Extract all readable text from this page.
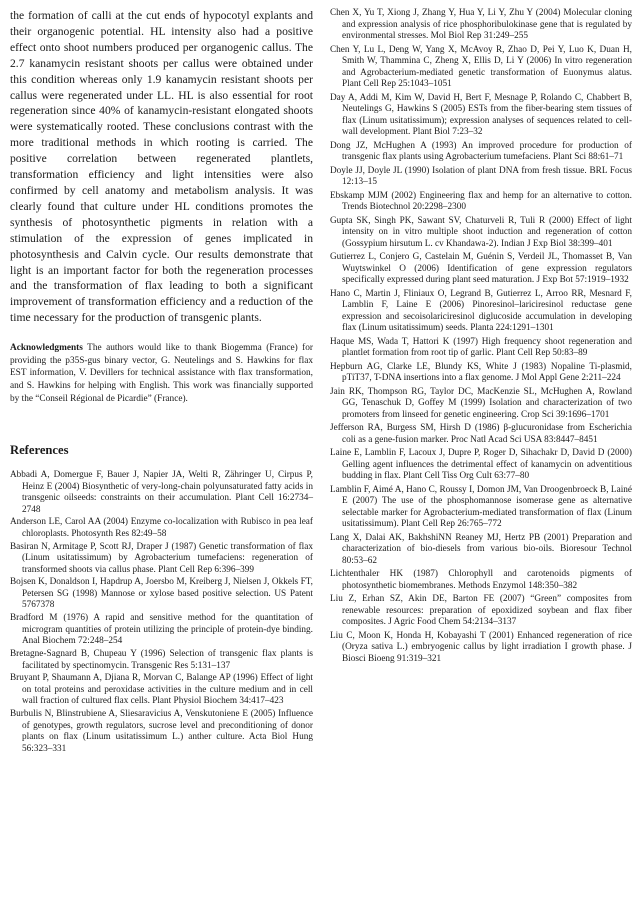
the formation of calli at the cut ends of hypocotyl explants and their organogenic potential. HL intensity also had a positive effect onto shoot numbers produced per organogenic callus. The 2.7 kanamycin resistant shoots per callus were obtained under this condition whereas only 1.9 kanamycin resistant shoots per callus were regenerated under LL. HL is also essential for root regeneration since 40% of kanamycin-resistant elongated shoots were systematically rooted. These conclusions contrast with the more traditional methods in which rooting is carried. The positive correlation between regenerated plantlets, transformation efficiency and light intensities were also confirmed by cell anatomy and metabolism analysis. It was clearly found that culture under HL conditions promotes the synthesis of photosynthetic pigments in relation with a stimulation of the expression of genes implicated in photosynthesis and Calvin cycle. Our results demonstrate that light is an important factor for both the regeneration processes and the transformation of flax leading to both a significant improvement of transformation efficiency and a reduction of the time necessary for the production of transgenic plants.

Acknowledgments The authors would like to thank Biogemma (France) for providing the p35S-gus binary vector, G. Neutelings and S. Hawkins for flax EST information, V. Devillers for technical assistance with flax transformation, and S. Hawkins for helping with English. This work was financially supported by the “Conseil Régional de Picardie” (France).

References
Abbadi A, Domergue F, Bauer J, Napier JA, Welti R, Zähringer U, Cirpus P, Heinz E (2004) Biosynthetic of very-long-chain polyunsaturated fatty acids in transgenic oilseeds: constraints on their accumulation. Plant Cell 16:2734–2748
Anderson LE, Carol AA (2004) Enzyme co-localization with Rubisco in pea leaf chloroplasts. Photosynth Res 82:49–58
Basiran N, Armitage P, Scott RJ, Draper J (1987) Genetic transformation of flax (Linum usitatissimum) by Agrobacterium tumefaciens: regeneration of transformed shoots via callus phase. Plant Cell Rep 6:396–399
Bojsen K, Donaldson I, Hapdrup A, Joersbo M, Kreiberg J, Nielsen J, Okkels FT, Petersen SG (1998) Mannose or xylose based positive selection. US Patent 5767378
Bradford M (1976) A rapid and sensitive method for the quantitation of microgram quantities of protein utilizing the principle of protein-dye binding. Anal Biochem 72:248–254
Bretagne-Sagnard B, Chupeau Y (1996) Selection of transgenic flax plants is facilitated by spectinomycin. Transgenic Res 5:131–137
Bruyant P, Shaumann A, Djiana R, Morvan C, Balange AP (1996) Effect of light on total proteins and peroxidase activities in the culture medium and in cell wall fraction of cultured flax cells. Plant Physiol Biochem 34:417–423
Burbulis N, Blinstrubiene A, Sliesaravicius A, Venskutoniene E (2005) Influence of genotypes, growth regulators, sucrose level and preconditioning of donor plants on flax (Linum usitatissimum L.) anther culture. Acta Biol Hung 56:323–331
Chen X, Yu T, Xiong J, Zhang Y, Hua Y, Li Y, Zhu Y (2004) Molecular cloning and expression analysis of rice phosphoribulokinase gene that is regulated by environmental stresses. Mol Biol Rep 31:249–255
Chen Y, Lu L, Deng W, Yang X, McAvoy R, Zhao D, Pei Y, Luo K, Duan H, Smith W, Thammina C, Zheng X, Ellis D, Li Y (2006) In vitro regeneration and Agrobacterium-mediated genetic transformation of Euonymus alatus. Plant Cell Rep 25:1043–1051
Day A, Addi M, Kim W, David H, Bert F, Mesnage P, Rolando C, Chabbert B, Neutelings G, Hawkins S (2005) ESTs from the fiber-bearing stem tissues of flax (Linum usitatissimum); expression analyses of sequences related to cell-wall development. Plant Biol 7:23–32
Dong JZ, McHughen A (1993) An improved procedure for production of transgenic flax plants using Agrobacterium tumefaciens. Plant Sci 88:61–71
Doyle JJ, Doyle JL (1990) Isolation of plant DNA from fresh tissue. BRL Focus 12:13–15
Ebskamp MJM (2002) Engineering flax and hemp for an alternative to cotton. Trends Biotechnol 20:2298–2300
Gupta SK, Singh PK, Sawant SV, Chaturveli R, Tuli R (2000) Effect of light intensity on in vitro multiple shoot induction and regeneration of cotton (Gossypium hirsutum L. cv Khandawa-2). Indian J Exp Biol 38:399–401
Gutierrez L, Conjero G, Castelain M, Guénin S, Verdeil JL, Thomasset B, Van Wuytswinkel O (2006) Identification of gene expression regulators specifically expressed during plant seed maturation. J Exp Bot 57:1919–1932
Hano C, Martin J, Fliniaux O, Legrand B, Gutierrez L, Arroo RR, Mesnard F, Lamblin F, Laine E (2006) Pinoresinol–lariciresinol reductase gene expression and secoisolariciresinol diglucoside accumulation in developing flax (Linum usitatissimum) seeds. Planta 224:1291–1301
Haque MS, Wada T, Hattori K (1997) High frequency shoot regeneration and plantlet formation from root tip of garlic. Plant Cell Rep 50:83–89
Hepburn AG, Clarke LE, Blundy KS, White J (1983) Nopaline Ti-plasmid, pTiT37, T-DNA insertions into a flax genome. J Mol Appl Gene 2:211–224
Jain RK, Thompson RG, Taylor DC, MacKenzie SL, McHughen A, Rowland GG, Tenaschuk D, Goffey M (1999) Isolation and characterization of two promoters from linseed for genetic engineering. Crop Sci 39:1696–1701
Jefferson RA, Burgess SM, Hirsh D (1986) β-glucuronidase from Escherichia coli as a gene-fusion marker. Proc Natl Acad Sci USA 83:8447–8451
Laine E, Lamblin F, Lacoux J, Dupre P, Roger D, Sihachakr D, David D (2000) Gelling agent influences the detrimental effect of kanamycin on adventitious budding in flax. Plant Cell Tiss Org Cult 63:77–80
Lamblin F, Aimé A, Hano C, Roussy I, Domon JM, Van Droogenbroeck B, Lainé E (2007) The use of the phosphomannose isomerase gene as alternative selectable marker for Agrobacterium-mediated transformation of flax (Linum usitatissimum). Plant Cell Rep 26:765–772
Lang X, Dalai AK, BakhshiNN Reaney MJ, Hertz PB (2001) Preparation and characterization of bio-diesels from various bio-oils. Bioresour Technol 80:53–62
Lichtenthaler HK (1987) Chlorophyll and carotenoids pigments of photosynthetic biomembranes. Methods Enzymol 148:350–382
Liu Z, Erhan SZ, Akin DE, Barton FE (2007) “Green” composites from renewable resources: preparation of epoxidized soybean and flax fiber composites. J Agric Food Chem 54:2134–3137
Liu C, Moon K, Honda H, Kobayashi T (2001) Enhanced regeneration of rice (Oryza sativa L.) embryogenic callus by light irradiation I growth phase. J Biosci Bioeng 91:319–321
